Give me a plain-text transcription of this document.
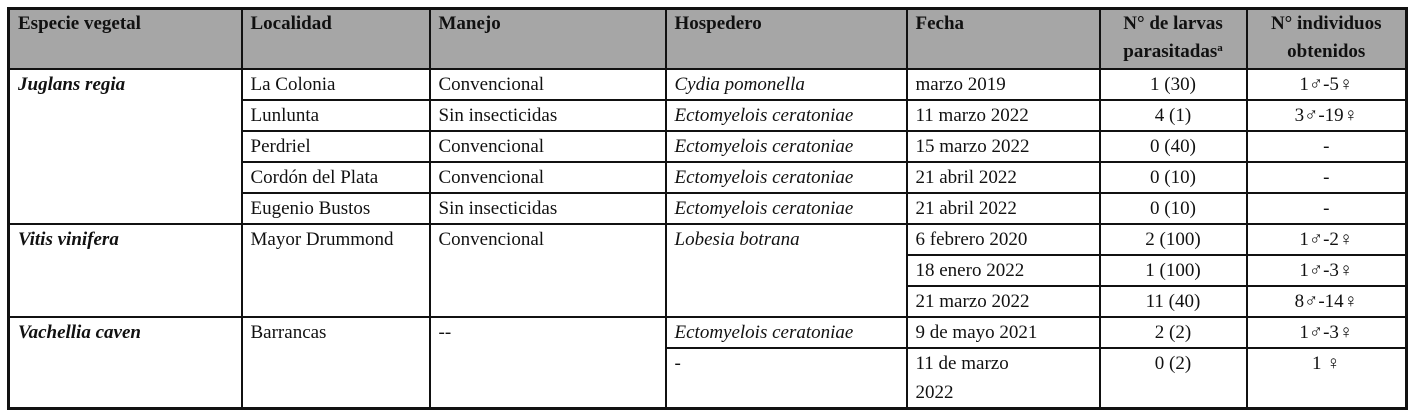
Especie vegetal	Localidad	Manejo	Hospedero	Fecha	N° de larvas parasitadas$^a$	N° individuos obtenidos
Juglans regia	La Colonia	Convencional	Cydia pomonella	marzo 2019	1 (30)	1♂-5♀
	Lunlunta	Sin insecticidas	Ectomyelois ceratoniae	11 marzo 2022	4 (1)	3♂-19♀
	Perdriel	Convencional	Ectomyelois ceratoniae	15 marzo 2022	0 (40)	-
	Cordón del Plata	Convencional	Ectomyelois ceratoniae	21 abril 2022	0 (10)	-
	Eugenio Bustos	Sin insecticidas	Ectomyelois ceratoniae	21 abril 2022	0 (10)	-
Vitis vinifera	Mayor Drummond	Convencional	Lobesia botrana	6 febrero 2020	2 (100)	1♂-2♀
				18 enero 2022	1 (100)	1♂-3♀
				21 marzo 2022	11 (40)	8♂-14♀
Vachellia caven	Barrancas	--	Ectomyelois ceratoniae	9 de mayo 2021	2 (2)	1♂-3♀
			-	11 de marzo 2022	0 (2)	1 ♀
